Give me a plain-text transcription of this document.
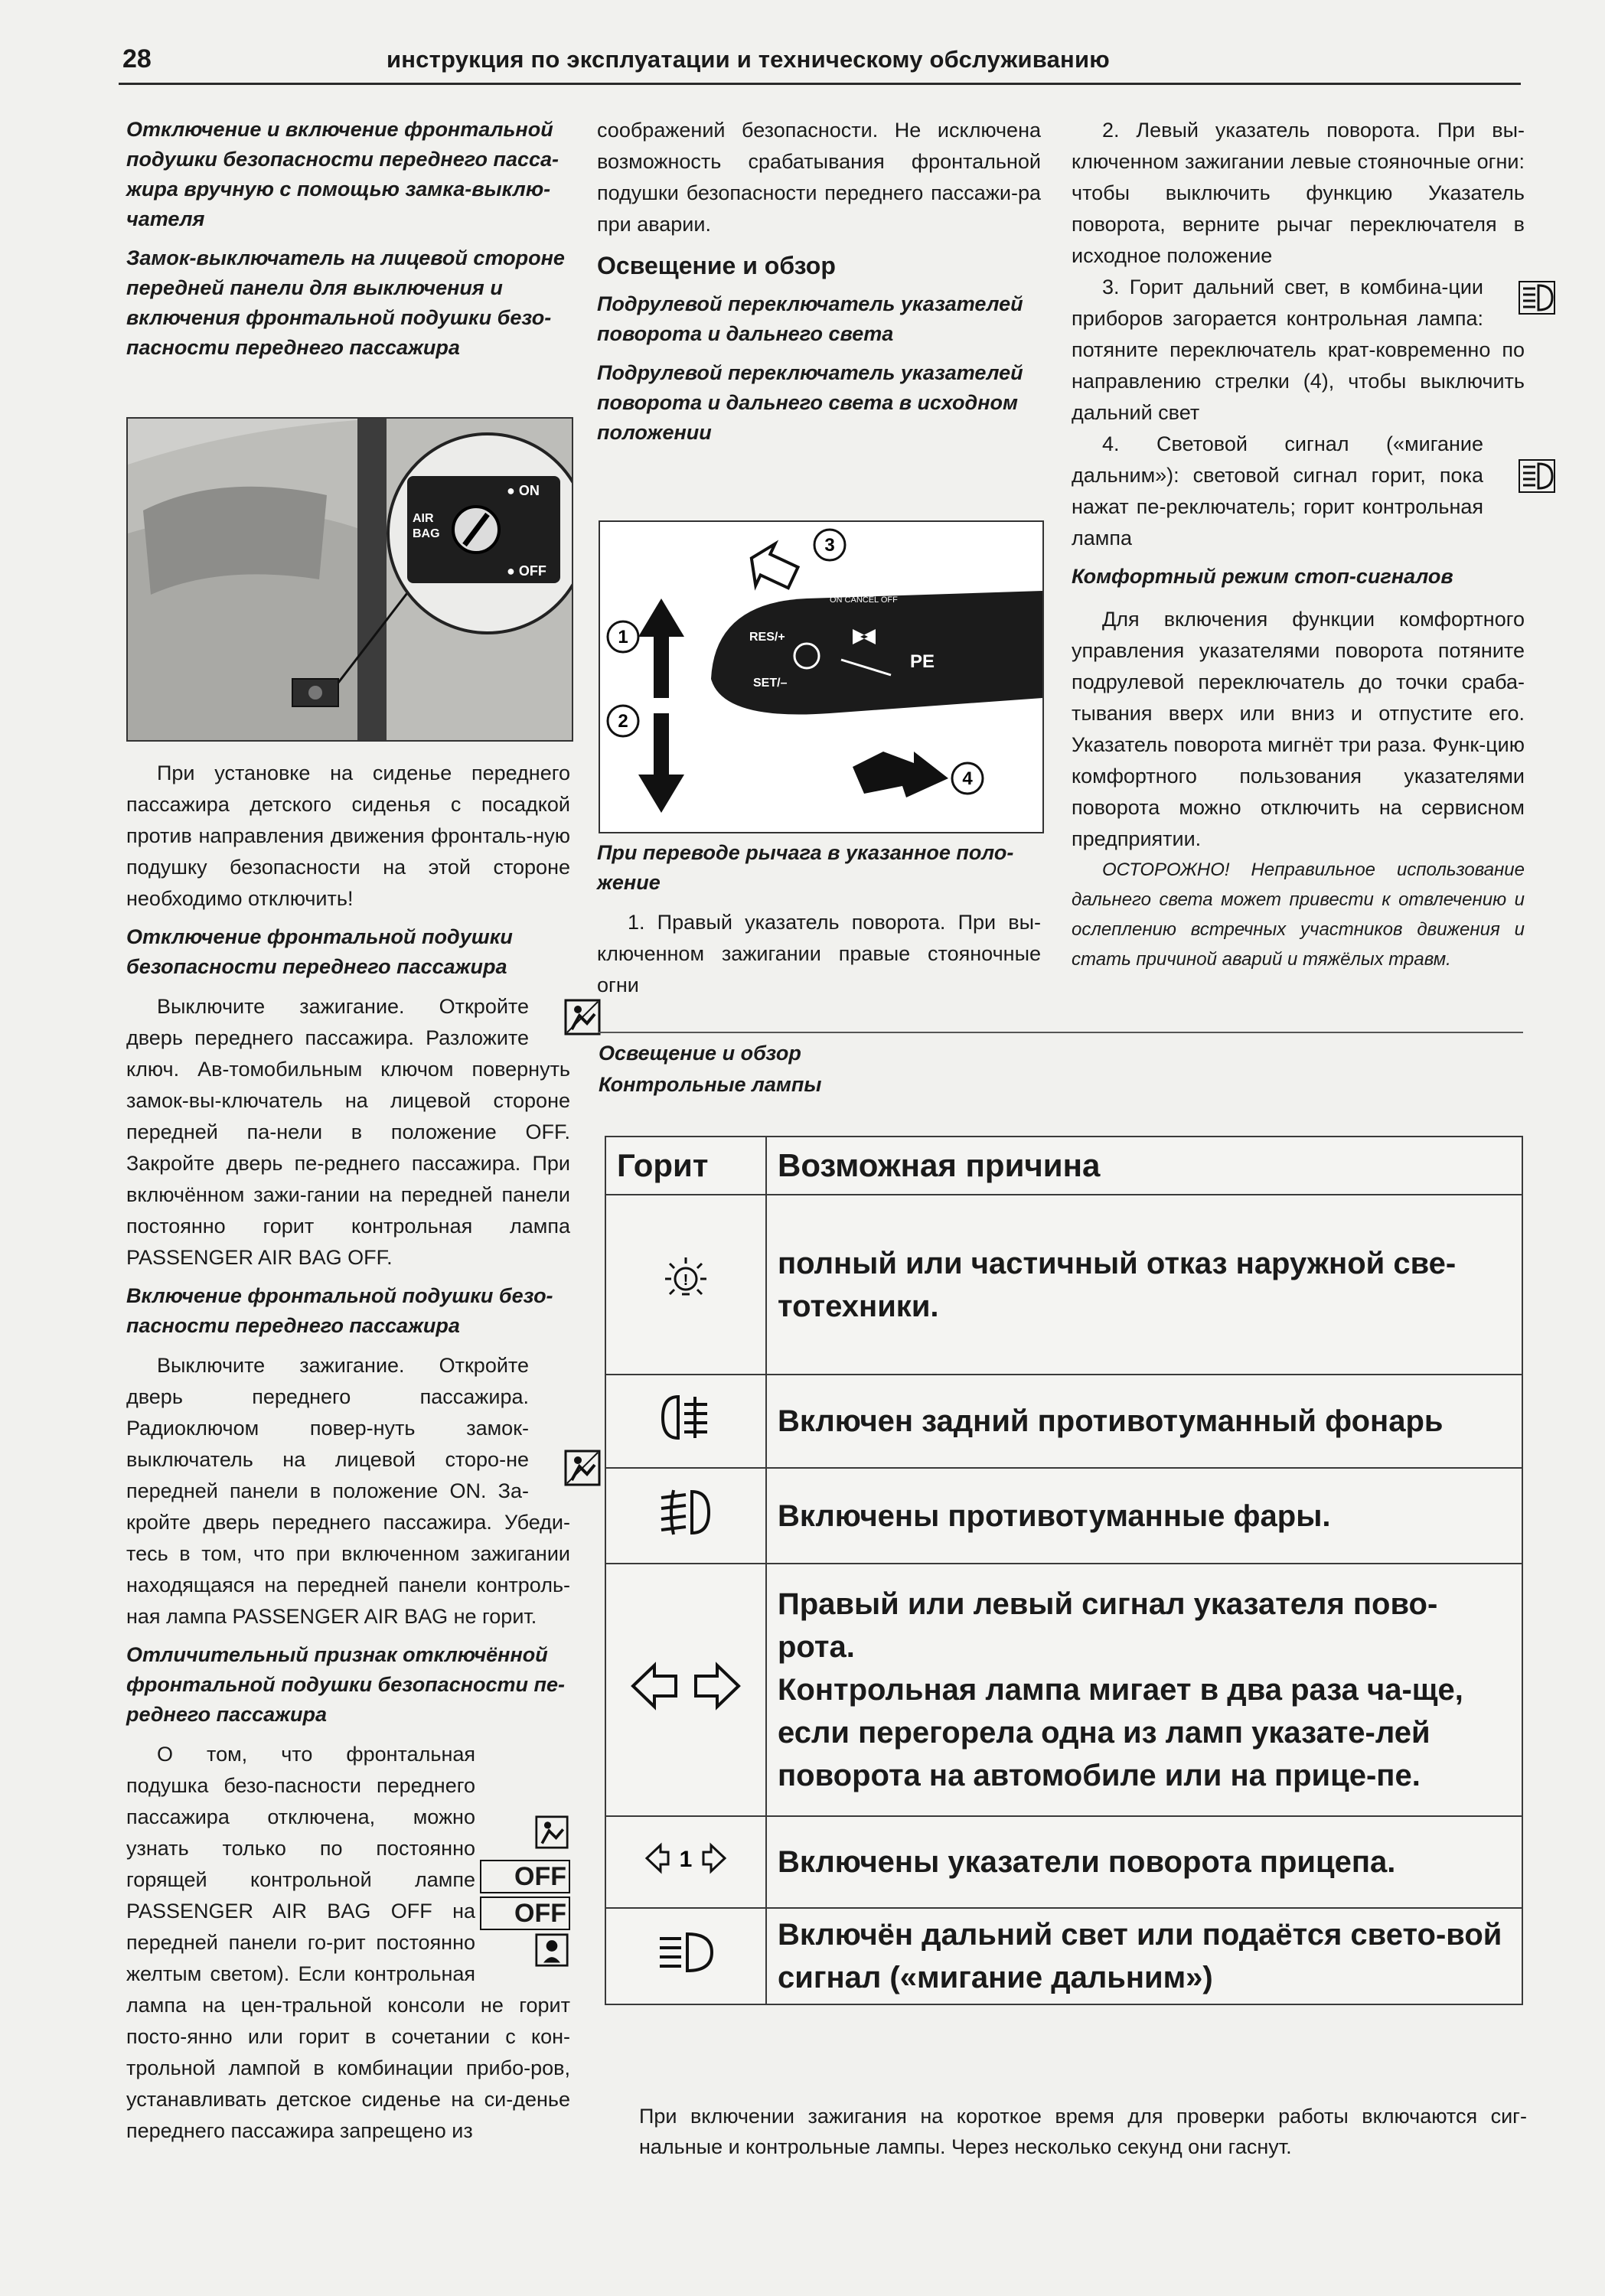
28	инструкция по эксплуатации и техническому обслуживанию

Отключение и включение фронтальной подушки безопасности переднего пасса-жира вручную с помощью замка-выклю-чателя

Замок-выключатель на лицевой стороне передней панели для выключения и включения фронтальной подушки безо-пасности переднего пассажира

AIR
BAG
● ON
● OFF

При установке на сиденье переднего пассажира детского сиденья с посадкой против направления движения фронталь-ную подушку безопасности на этой стороне необходимо отключить!

Отключение фронтальной подушки безопасности переднего пассажира

Выключите зажигание. Откройте дверь переднего пассажира. Разложите ключ. Ав-томобильным ключом повернуть замок-вы-ключатель на лицевой стороне передней па-нели в положение OFF. Закройте дверь пе-реднего пассажира. При включённом зажи-гании на передней панели постоянно горит контрольная лампа PASSENGER AIR BAG OFF.

Включение фронтальной подушки безо-пасности переднего пассажира

Выключите зажигание. Откройте дверь переднего пассажира. Радиоключом повер-нуть замок-выключатель на лицевой сторо-не передней панели в положение ON. За-кройте дверь переднего пассажира. Убеди-тесь в том, что при включенном зажигании находящаяся на передней панели контроль-ная лампа PASSENGER AIR BAG не горит.

Отличительный признак отключённой фронтальной подушки безопасности пе-реднего пассажира

OFF
OFF
О том, что фронтальная подушка безо-пасности переднего пассажира отключена, можно узнать только по постоянно горящей контрольной лампе PASSENGER AIR BAG OFF на передней панели го-рит постоянно желтым светом). Если контрольная лампа на цен-тральной консоли не горит посто-янно или горит в сочетании с кон-трольной лампой в комбинации прибо-ров, устанавливать детское сиденье на си-денье переднего пассажира запрещено из

соображений безопасности. Не исключена возможность срабатывания фронтальной подушки безопасности переднего пассажи-ра при аварии.

Освещение и обзор

Подрулевой переключатель указателей поворота и дальнего света

Подрулевой переключатель указателей поворота и дальнего света в исходном положении

1
2
3
ON CANCEL OFF
RES/+
SET/–
PE
4

При переводе рычага в указанное поло-жение

1. Правый указатель поворота. При вы-ключенном зажигании правые стояночные огни

2. Левый указатель поворота. При вы-ключенном зажигании левые стояночные огни: чтобы выключить функцию Указатель поворота, верните рычаг переключателя в исходное положение

3. Горит дальний свет, в комбина-ции приборов загорается контрольная лампа: потяните переключатель крат-ковременно по направлению стрелки (4), чтобы выключить дальний свет

4. Световой сигнал («мигание дальним»): световой сигнал горит, пока нажат пе-реключатель; горит контрольная лампа

Комфортный режим стоп-сигналов

Для включения функции комфортного управления указателями поворота потяните подрулевой переключатель до точки сраба-тывания вверх или вниз и отпустите его. Указатель поворота мигнёт три раза. Функ-цию комфортного пользования указателями поворота можно отключить на сервисном предприятии.

ОСТОРОЖНО! Неправильное использование дальнего света может привести к отвлечению и ослеплению встречных участников движения и стать причиной аварий и тяжёлых травм.

Освещение и обзор

Контрольные лампы

Горит	Возможная причина

!	полный или частичный отказ наружной све-тотехники.
	Включен задний противотуманный фонарь
	Включены противотуманные фары.
	Правый или левый сигнал указателя пово-рота.
Контрольная лампа мигает в два раза ча-ще, если перегорела одна из ламп указате-лей поворота на автомобиле или на прице-пе.

1	Включены указатели поворота прицепа.
	Включён дальний свет или подаётся свето-вой сигнал («мигание дальним»)
При включении зажигания на короткое время для проверки работы включаются сиг-нальные и контрольные лампы. Через несколько секунд они гаснут.
